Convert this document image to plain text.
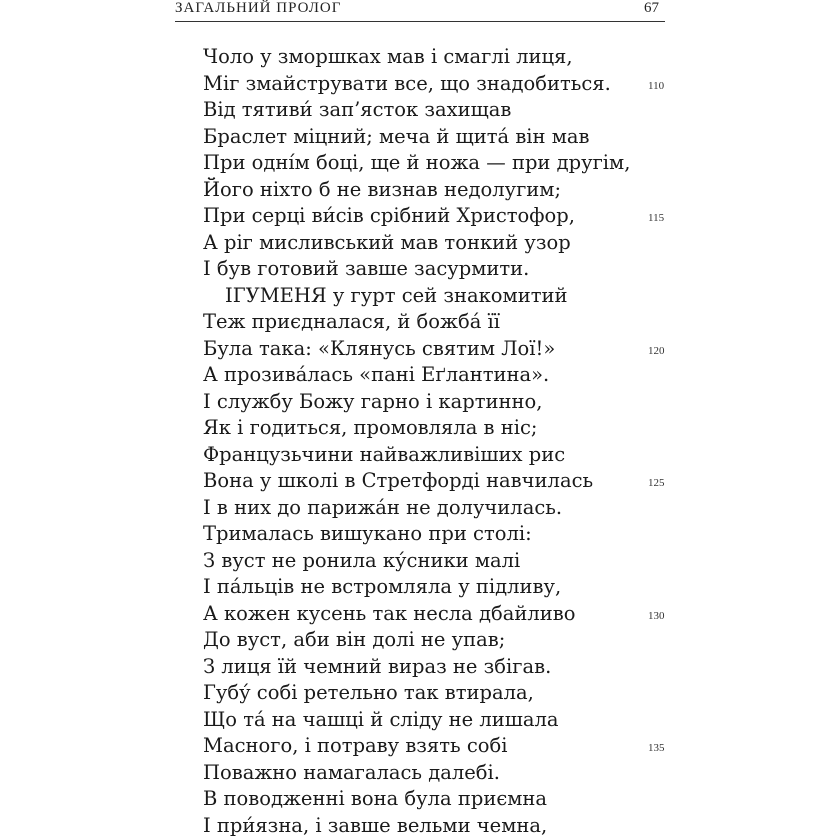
ЗАГАЛЬНИЙ ПРОЛОГ	67
Чоло у зморшках мав і смаглі лиця,
Міг змайструвати все, що знадобиться.	110
Від тятиви́ зап’ясток захищав
Браслет міцний; меча й щита́ він мав
При одні́м боці, ще й ножа — при другім,
Його ніхто б не визнав недолугим;
При серці ви́сів срібний Христофор,	115
А ріг мисливський мав тонкий узор
І був готовий завше засурмити.
ІГУМЕНЯ у гурт сей знакомитий
Теж приєдналася, й божба́ її
Була така: «Клянусь святим Лої!»	120
А прозива́лась «пані Еґлантина».
І службу Божу гарно і картинно,
Як і годиться, промовляла в ніс;
Французьчини найважливіших рис
Вона у школі в Стретфорді навчилась	125
І в них до парижа́н не долучилась.
Трималась вишукано при столі:
З вуст не ронила ку́сники малі
І па́льців не встромляла у підливу,
А кожен кусень так несла дбайливо	130
До вуст, аби він долі не упав;
З лиця їй чемний вираз не збігав.
Губу́ собі ретельно так втирала,
Що та́ на чашці й сліду не лишала
Масного, і потраву взять собі	135
Поважно намагалась далебі.
В поводженні вона була приємна
І при́язна, і завше вельми чемна,
